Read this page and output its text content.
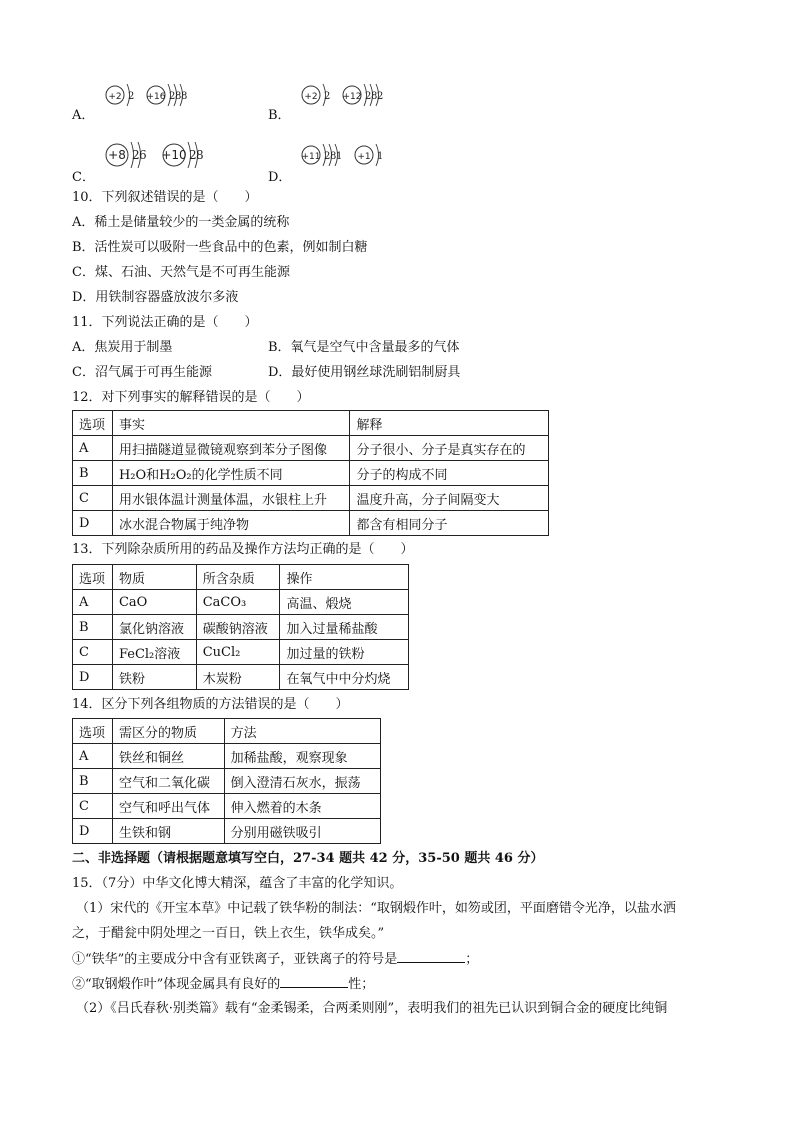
A．
+2 2 +16 2 8 8
B．
+2 2 +12 2 8 2
C．
+8 2 6 +10 2 8
D．
+11 2 8 1 +1 1
10．下列叙述错误的是（　　）
A．稀土是储量较少的一类金属的统称
B．活性炭可以吸附一些食品中的色素，例如制白糖
C．煤、石油、天然气是不可再生能源
D．用铁制容器盛放波尔多液
11．下列说法正确的是（　　）
A．焦炭用于制墨	B．氧气是空气中含量最多的气体
C．沼气属于可再生能源	D．最好使用钢丝球洗刷铝制厨具
12．对下列事实的解释错误的是（　　）
选项	事实	解释
A	用扫描隧道显微镜观察到苯分子图像	分子很小、分子是真实存在的
B	H₂O和H₂O₂的化学性质不同	分子的构成不同
C	用水银体温计测量体温，水银柱上升	温度升高，分子间隔变大
D	冰水混合物属于纯净物	都含有相同分子
13．下列除杂质所用的药品及操作方法均正确的是（　　）
选项	物质	所含杂质	操作
A	CaO	CaCO₃	高温、煅烧
B	氯化钠溶液	碳酸钠溶液	加入过量稀盐酸
C	FeCl₂溶液	CuCl₂	加过量的铁粉
D	铁粉	木炭粉	在氧气中中分灼烧
14．区分下列各组物质的方法错误的是（　　）
选项	需区分的物质	方法
A	铁丝和铜丝	加稀盐酸，观察现象
B	空气和二氧化碳	倒入澄清石灰水，振荡
C	空气和呼出气体	伸入燃着的木条
D	生铁和钢	分别用磁铁吸引
二、非选择题（请根据题意填写空白，27-34 题共 42 分，35-50 题共 46 分）
15．（7分）中华文化博大精深，蕴含了丰富的化学知识。
（1）宋代的《开宝本草》中记载了铁华粉的制法：“取钢煅作叶，如笏或团，平面磨错令光净，以盐水洒
之，于醋瓮中阴处埋之一百日，铁上衣生，铁华成矣。”
①“铁华”的主要成分中含有亚铁离子，亚铁离子的符号是	；
②“取钢煅作叶”体现金属具有良好的	性；
（2）《吕氏春秋·别类篇》载有“金柔锡柔，合两柔则刚”，表明我们的祖先已认识到铜合金的硬度比纯铜
